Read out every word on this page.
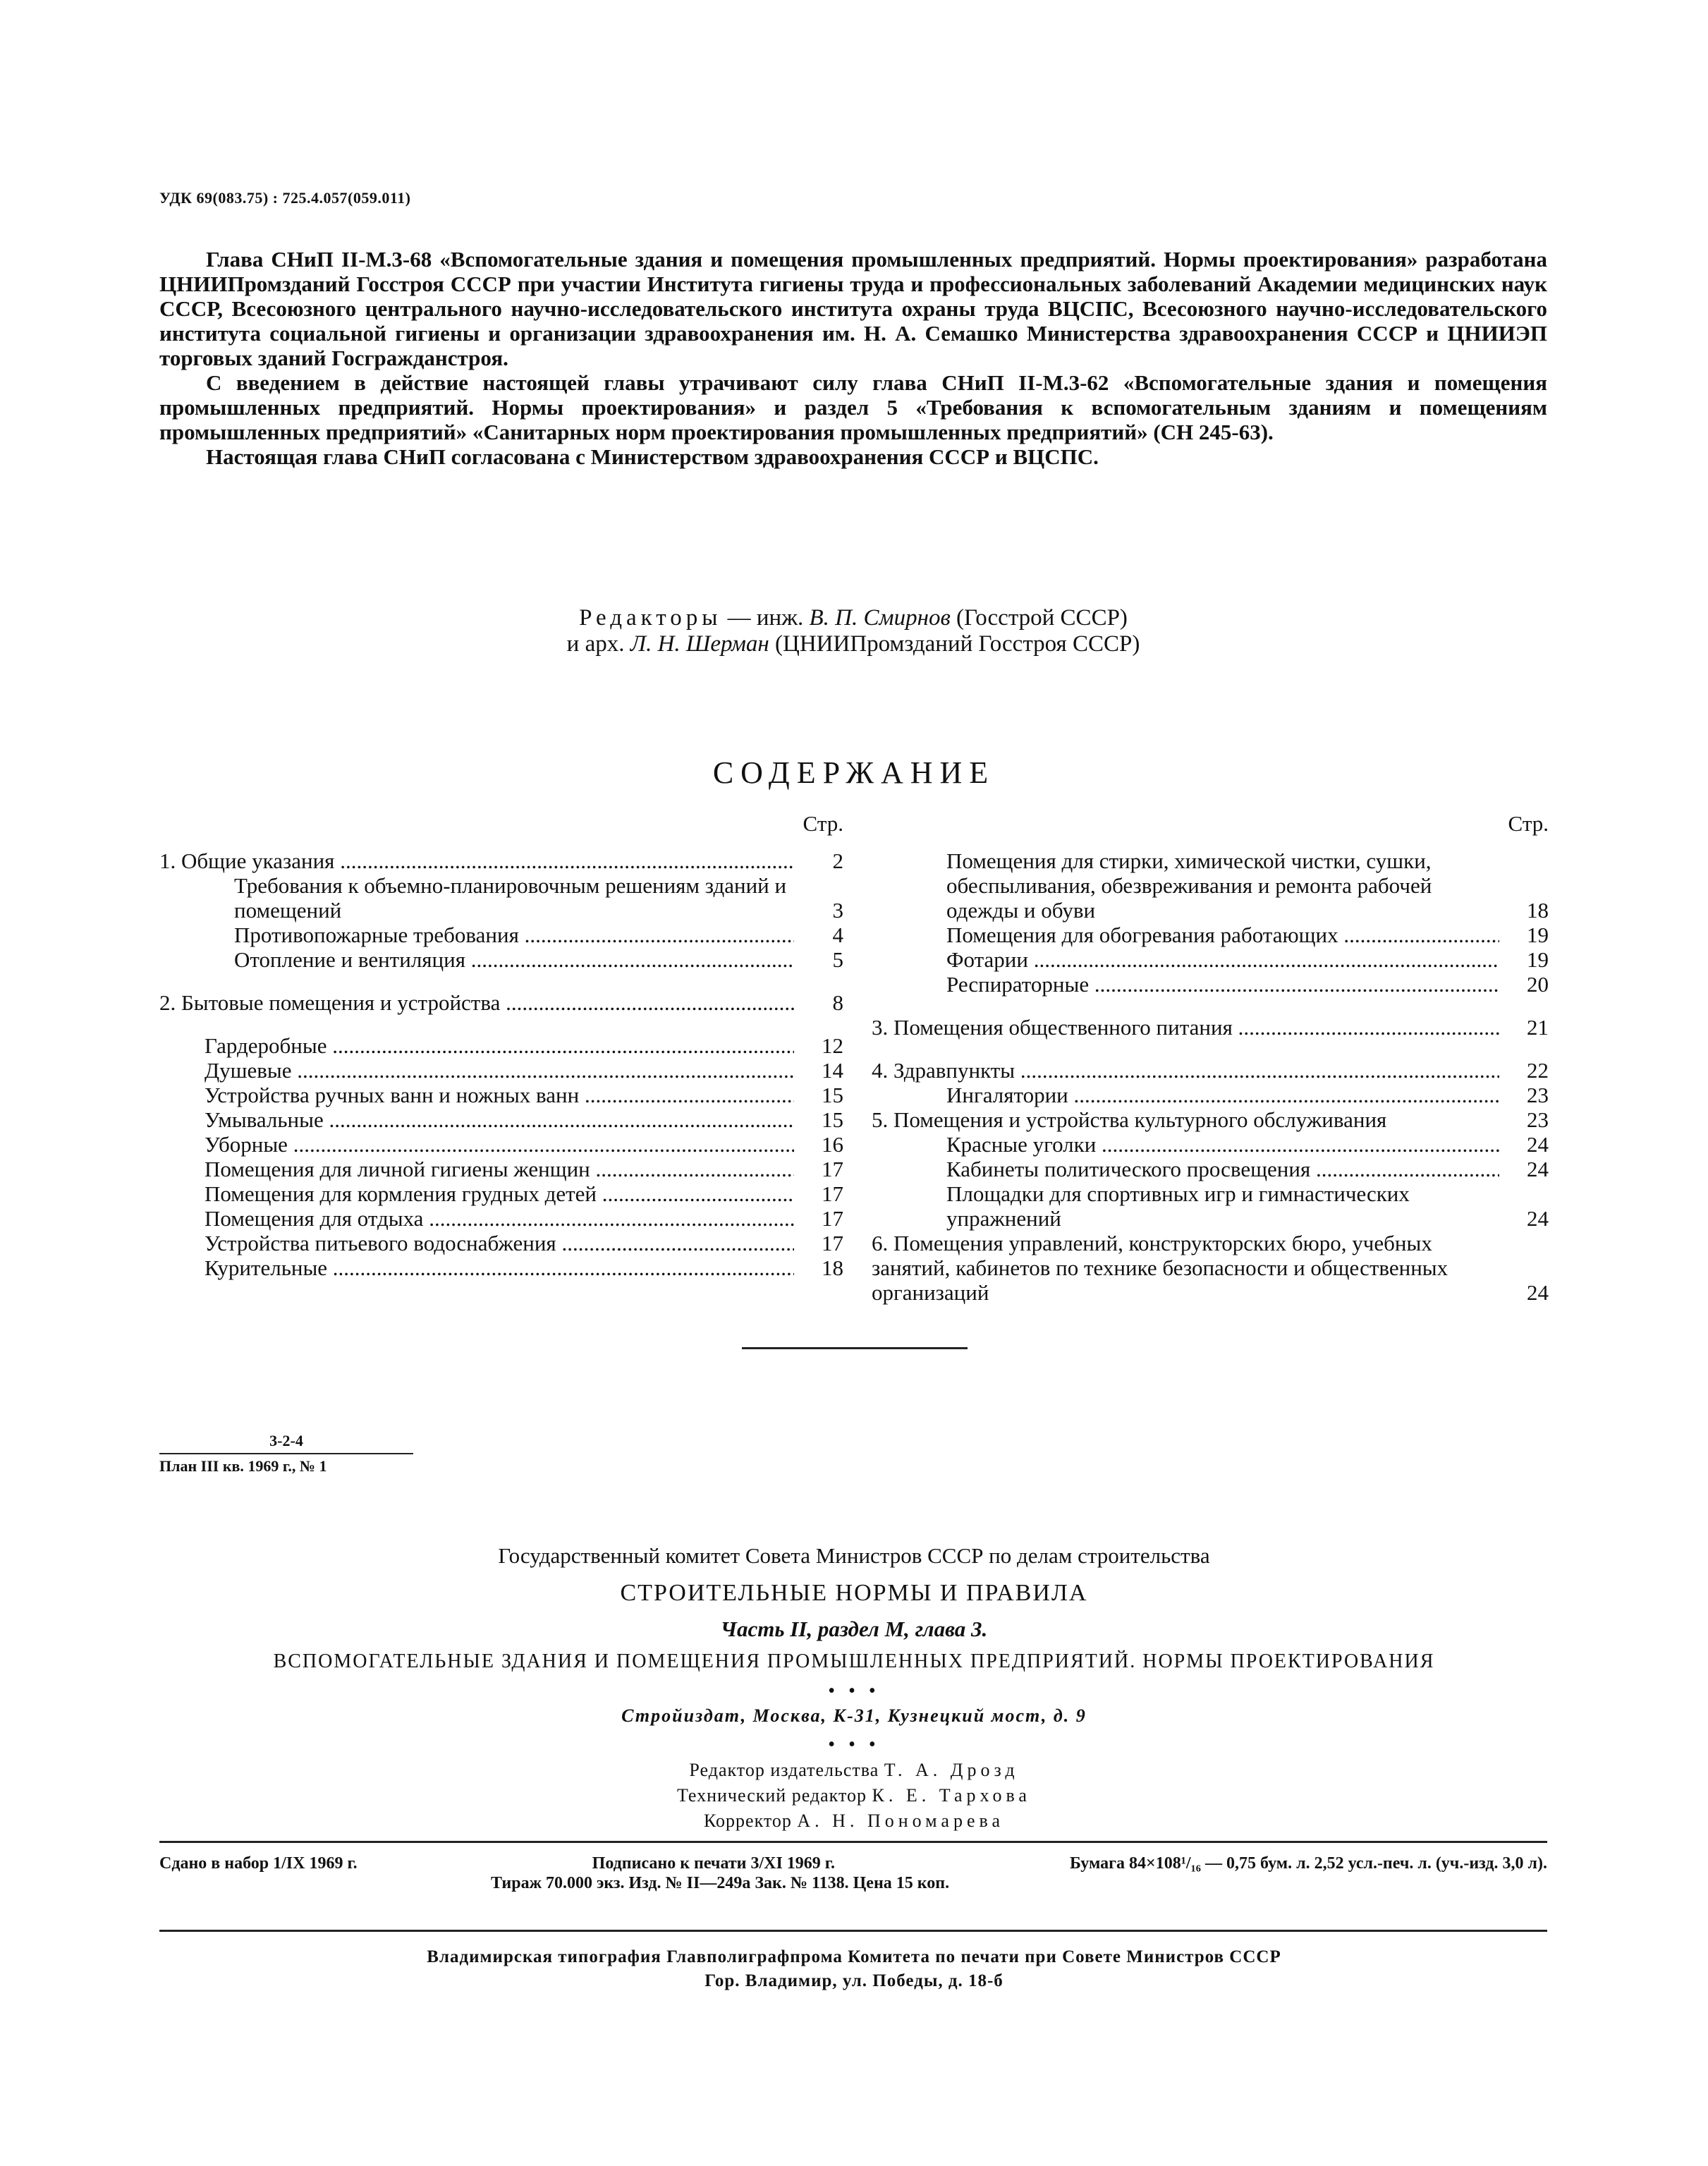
УДК 69(083.75) : 725.4.057(059.011)

Глава СНиП II-М.3-68 «Вспомогательные здания и помещения промышленных предприятий. Нормы проектирования» разработана ЦНИИПромзданий Госстроя СССР при участии Института гигиены труда и профессиональных заболеваний Академии медицинских наук СССР, Всесоюзного центрального научно-исследовательского института охраны труда ВЦСПС, Всесоюзного научно-исследовательского института социальной гигиены и организации здравоохранения им. Н. А. Семашко Министерства здравоохранения СССР и ЦНИИЭП торговых зданий Госгражданстроя.

С введением в действие настоящей главы утрачивают силу глава СНиП II-М.3-62 «Вспомогательные здания и помещения промышленных предприятий. Нормы проектирования» и раздел 5 «Требования к вспомогательным зданиям и помещениям промышленных предприятий» «Санитарных норм проектирования промышленных предприятий» (СН 245-63).

Настоящая глава СНиП согласована с Министерством здравоохранения СССР и ВЦСПС.

Редакторы — инж. В. П. Смирнов (Госстрой СССР)
и арх. Л. Н. Шерман (ЦНИИПромзданий Госстроя СССР)
СОДЕРЖАНИЕ
Стр.
1. Общие указания .....	2
Требования к объемно-планировочным решениям зданий и помещений	3
Противопожарные требования .....	4
Отопление и вентиляция .....	5
2. Бытовые помещения и устройства .....	8
Гардеробные .....	12
Душевые .....	14
Устройства ручных ванн и ножных ванн .....	15
Умывальные .....	15
Уборные .....	16
Помещения для личной гигиены женщин .....	17
Помещения для кормления грудных детей .....	17
Помещения для отдыха .....	17
Устройства питьевого водоснабжения .....	17
Курительные .....	18
Стр.
Помещения для стирки, химической чистки, сушки, обеспыливания, обезвреживания и ремонта рабочей одежды и обуви	18
Помещения для обогревания работающих .....	19
Фотарии .....	19
Респираторные .....	20
3. Помещения общественного питания .....	21
4. Здравпункты .....	22
Ингалятории .....	23
5. Помещения и устройства культурного обслуживания	23
Красные уголки .....	24
Кабинеты политического просвещения .....	24
Площадки для спортивных игр и гимнастических упражнений	24
6. Помещения управлений, конструкторских бюро, учебных занятий, кабинетов по технике безопасности и общественных организаций	24
3-2-4
План III кв. 1969 г., № 1
Государственный комитет Совета Министров СССР по делам строительства
СТРОИТЕЛЬНЫЕ НОРМЫ И ПРАВИЛА
Часть II, раздел М, глава 3.
ВСПОМОГАТЕЛЬНЫЕ ЗДАНИЯ И ПОМЕЩЕНИЯ ПРОМЫШЛЕННЫХ ПРЕДПРИЯТИЙ. НОРМЫ ПРОЕКТИРОВАНИЯ
• • •
Стройиздат, Москва, К-31, Кузнецкий мост, д. 9
• • •
Редактор издательства Т. А. Дрозд
Технический редактор К. Е. Тархова
Корректор А. Н. Пономарева
Сдано в набор 1/IX 1969 г.	Подписано к печати 3/XI 1969 г.	Бумага 84×108¹/₁₆ — 0,75 бум. л. 2,52 усл.-печ. л. (уч.-изд. 3,0 л).
Тираж 70.000 экз. Изд. № II—249а Зак. № 1138. Цена 15 коп.
Владимирская типография Главполиграфпрома Комитета по печати при Совете Министров СССР
Гор. Владимир, ул. Победы, д. 18-б
